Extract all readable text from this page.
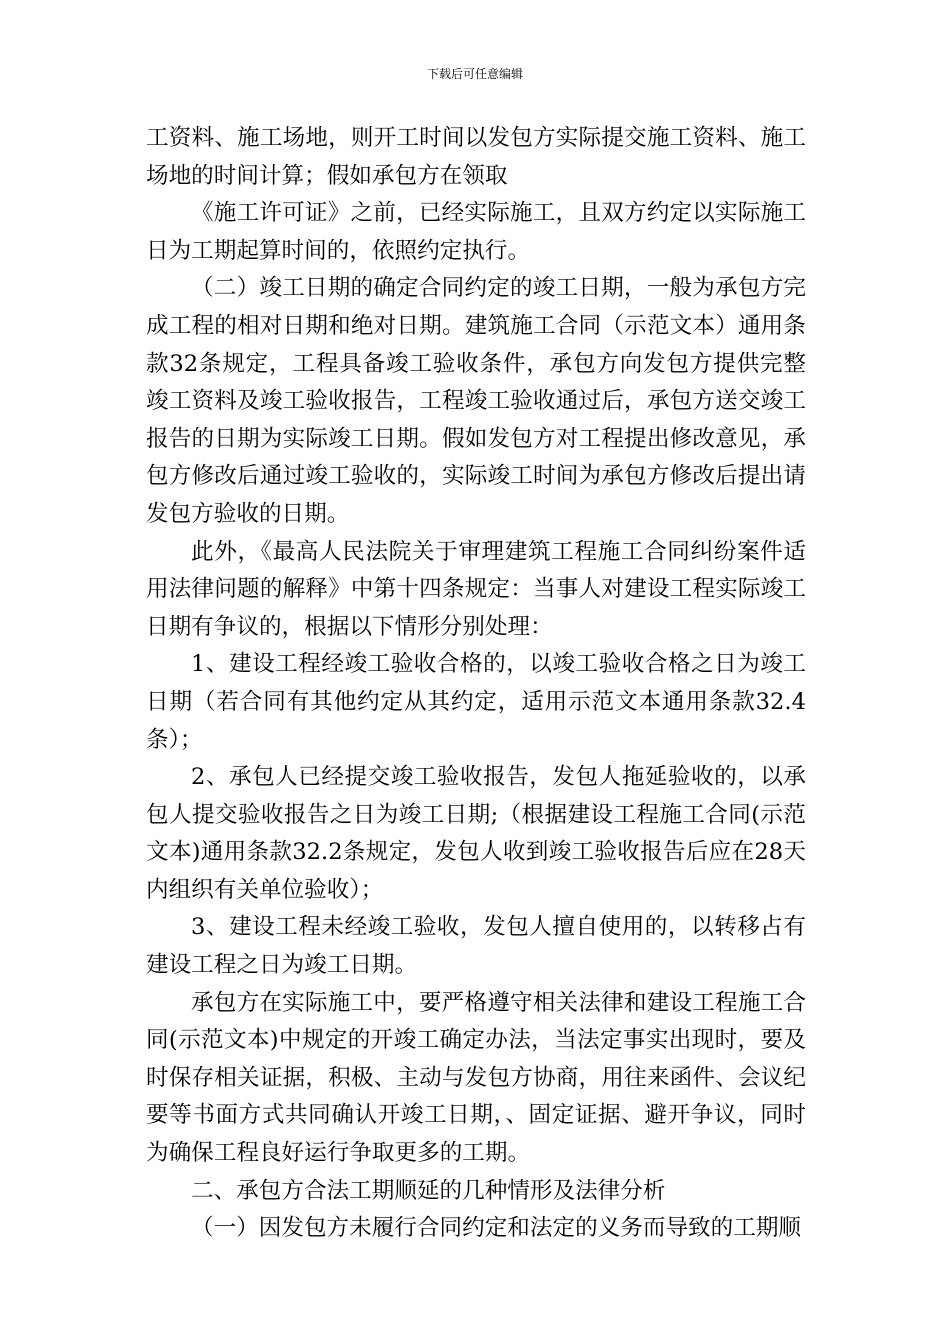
下载后可任意编辑

工资料、施工场地，则开工时间以发包方实际提交施工资料、施工场地的时间计算；假如承包方在领取

《施工许可证》之前，已经实际施工，且双方约定以实际施工日为工期起算时间的，依照约定执行。

（二）竣工日期的确定合同约定的竣工日期，一般为承包方完成工程的相对日期和绝对日期。建筑施工合同（示范文本）通用条款32条规定，工程具备竣工验收条件，承包方向发包方提供完整竣工资料及竣工验收报告，工程竣工验收通过后，承包方送交竣工报告的日期为实际竣工日期。假如发包方对工程提出修改意见，承包方修改后通过竣工验收的，实际竣工时间为承包方修改后提出请发包方验收的日期。

此外，《最高人民法院关于审理建筑工程施工合同纠纷案件适用法律问题的解释》中第十四条规定：当事人对建设工程实际竣工日期有争议的，根据以下情形分别处理：

1、建设工程经竣工验收合格的，以竣工验收合格之日为竣工日期（若合同有其他约定从其约定，适用示范文本通用条款32.4条）；

2、承包人已经提交竣工验收报告，发包人拖延验收的，以承包人提交验收报告之日为竣工日期;（根据建设工程施工合同(示范文本)通用条款32.2条规定，发包人收到竣工验收报告后应在28天内组织有关单位验收）；

3、建设工程未经竣工验收，发包人擅自使用的，以转移占有建设工程之日为竣工日期。

承包方在实际施工中，要严格遵守相关法律和建设工程施工合同(示范文本)中规定的开竣工确定办法，当法定事实出现时，要及时保存相关证据，积极、主动与发包方协商，用往来函件、会议纪要等书面方式共同确认开竣工日期，、固定证据、避开争议，同时为确保工程良好运行争取更多的工期。

二、承包方合法工期顺延的几种情形及法律分析

（一）因发包方未履行合同约定和法定的义务而导致的工期顺
